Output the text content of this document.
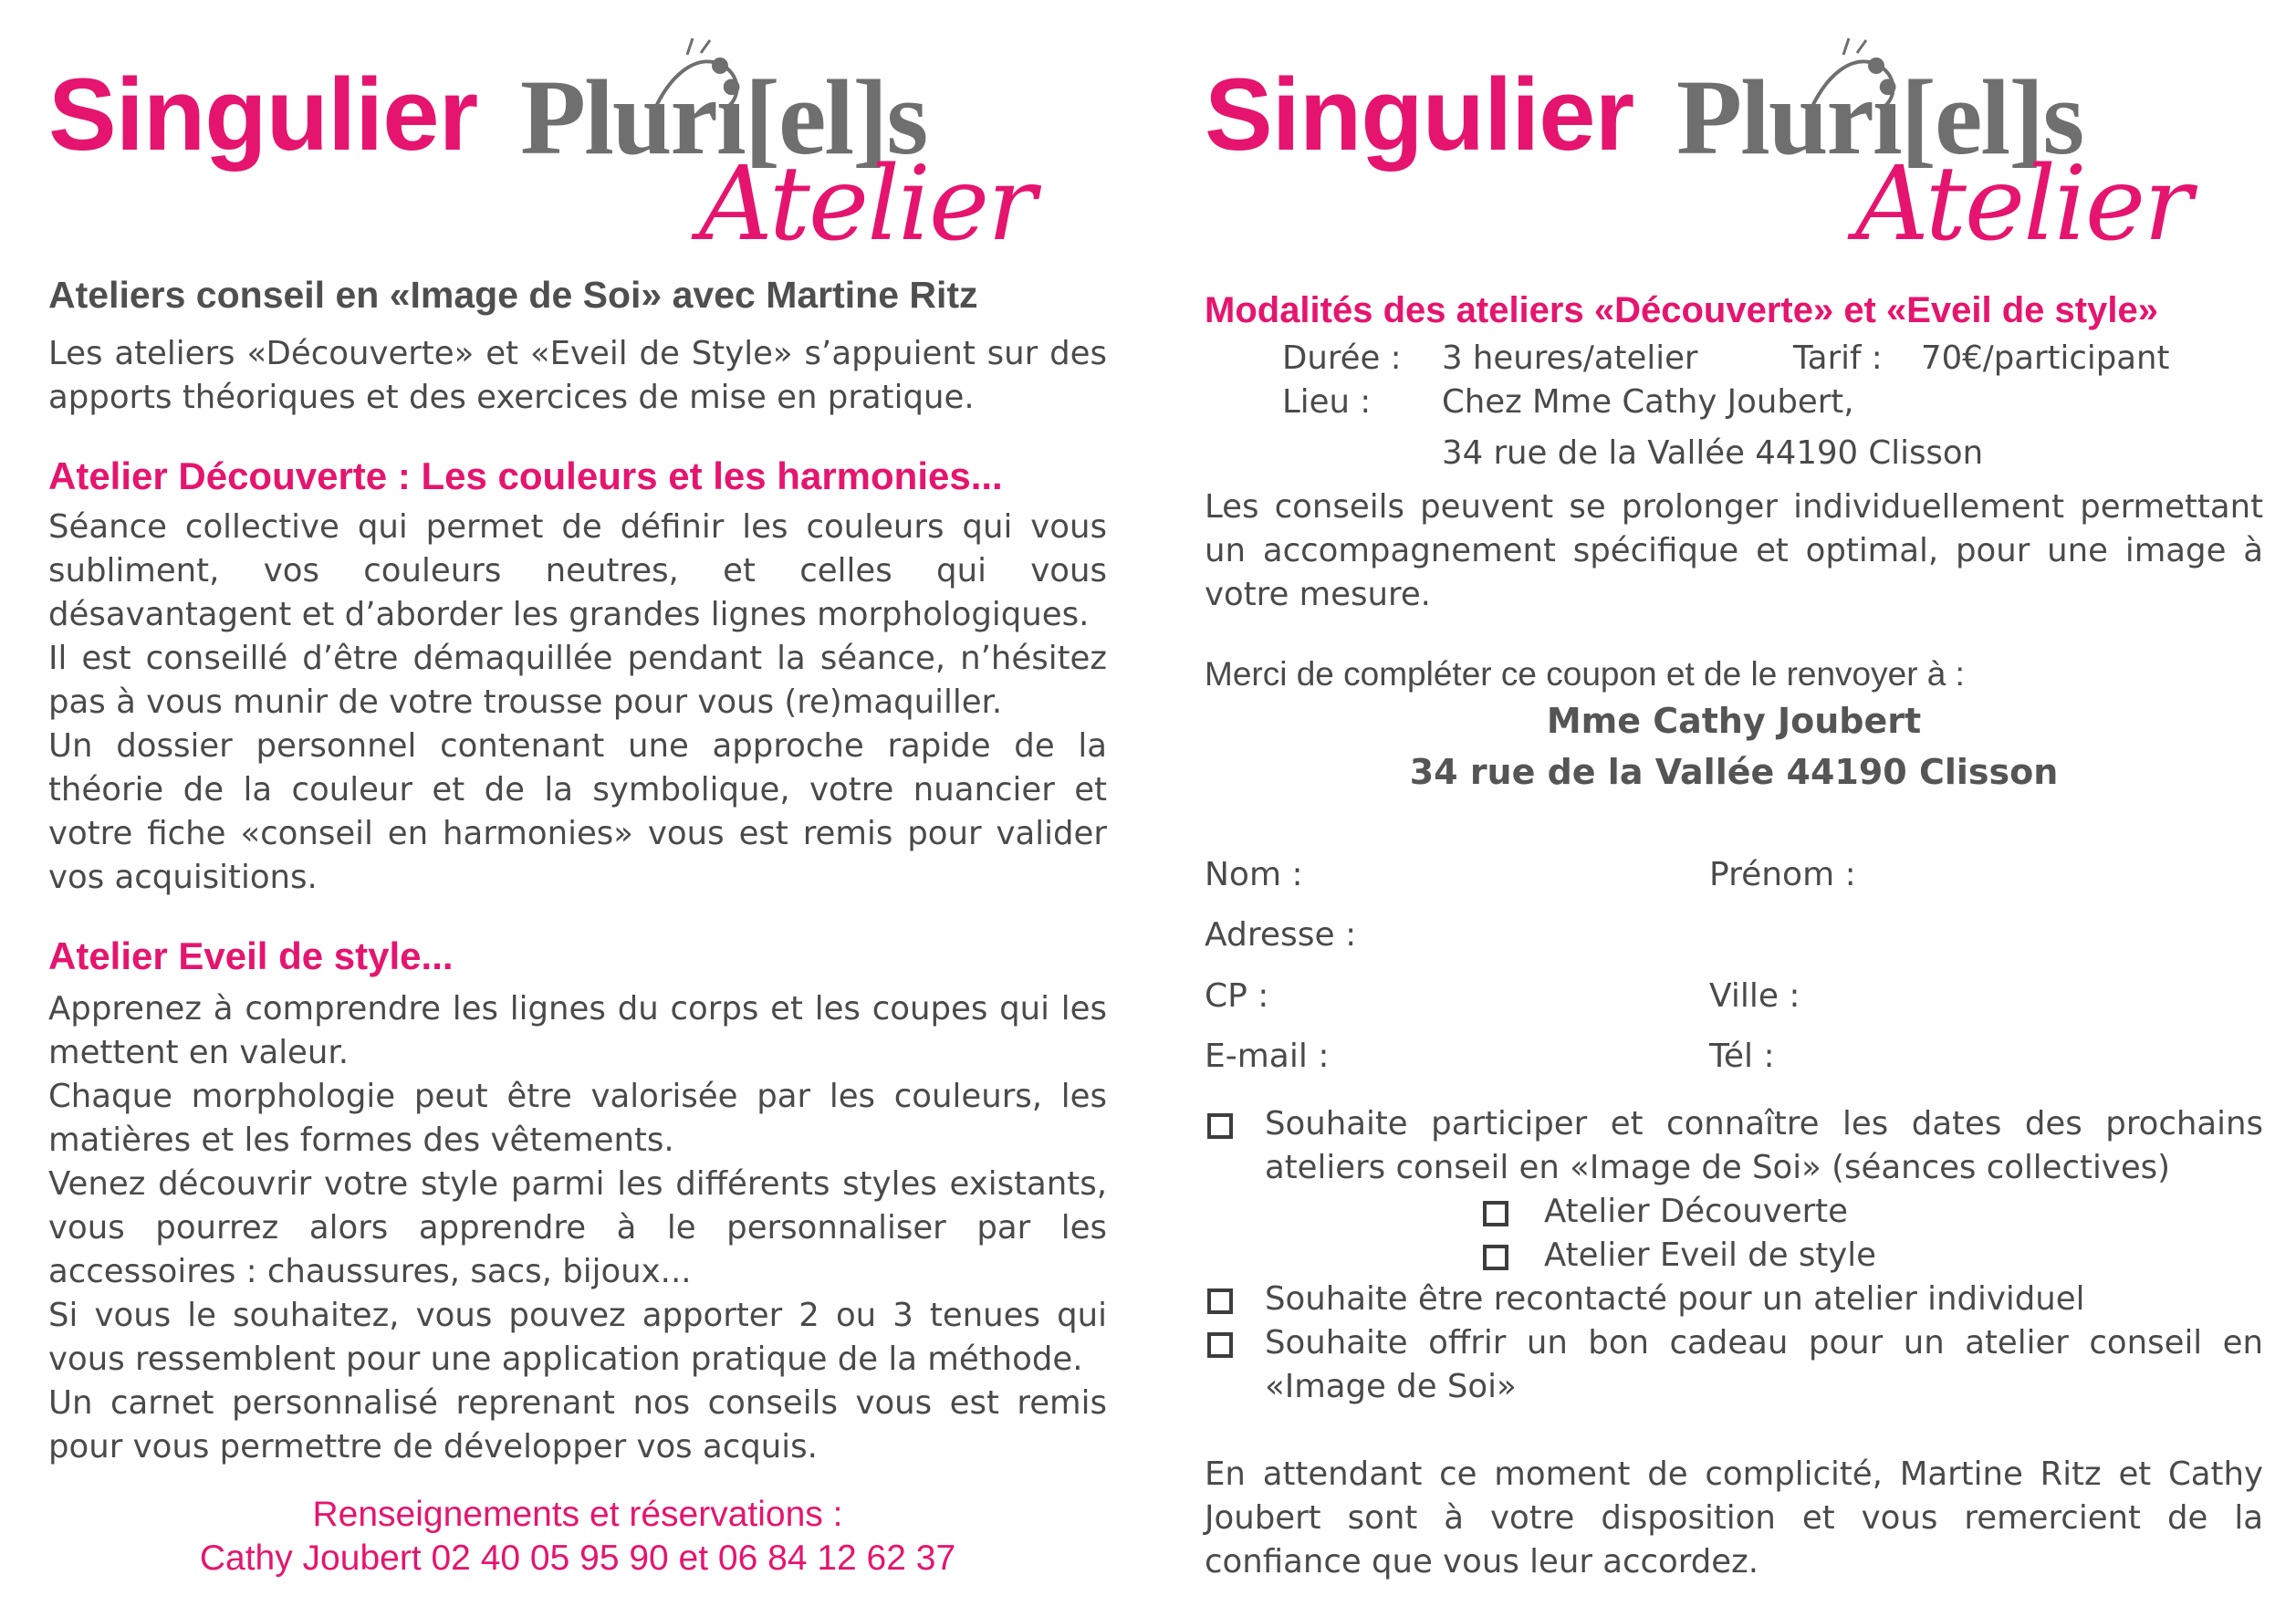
Singulier Pluri[el]s
Atelier
Ateliers conseil en «Image de Soi» avec Martine Ritz
Les ateliers «Découverte» et «Eveil de Style» s’appuient sur des apports théoriques et des exercices de mise en pratique.
Atelier Découverte : Les couleurs et les harmonies...

Séance collective qui permet de définir les couleurs qui vous subliment, vos couleurs neutres, et celles qui vous désavantagent et d’aborder les grandes lignes morphologiques.

Il est conseillé d’être démaquillée pendant la séance, n’hésitez pas à vous munir de votre trousse pour vous (re)maquiller.

Un dossier personnel contenant une approche rapide de la théorie de la couleur et de la symbolique, votre nuancier et votre fiche «conseil en harmonies» vous est remis pour valider vos acquisitions.

Atelier Eveil de style...

Apprenez à comprendre les lignes du corps et les coupes qui les mettent en valeur.

Chaque morphologie peut être valorisée par les couleurs, les matières et les formes des vêtements.

Venez découvrir votre style parmi les différents styles existants, vous pourrez alors apprendre à le personnaliser par les accessoires : chaussures, sacs, bijoux...

Si vous le souhaitez, vous pouvez apporter 2 ou 3 tenues qui vous ressemblent pour une application pratique de la méthode.

Un carnet personnalisé reprenant nos conseils vous est remis pour vous permettre de développer vos acquis.

Renseignements et réservations :
Cathy Joubert 02 40 05 95 90 et 06 84 12 62 37
Singulier Pluri[el]s
Atelier
Modalités des ateliers «Découverte» et «Eveil de style»
Durée : 3 heures/atelier	Tarif : 70€/participant
Lieu : Chez Mme Cathy Joubert,
34 rue de la Vallée 44190 Clisson
Les conseils peuvent se prolonger individuellement permettant un accompagnement spécifique et optimal, pour une image à votre mesure.
Merci de compléter ce coupon et de le renvoyer à :
Mme Cathy Joubert
34 rue de la Vallée 44190 Clisson
Nom :	Prénom :
Adresse :
CP :	Ville :
E-mail :	Tél :
Souhaite participer et connaître les dates des prochains ateliers conseil en «Image de Soi» (séances collectives)
Atelier Découverte
Atelier Eveil de style
Souhaite être recontacté pour un atelier individuel
Souhaite offrir un bon cadeau pour un atelier conseil en «Image de Soi»
En attendant ce moment de complicité, Martine Ritz et Cathy Joubert sont à votre disposition et vous remercient de la confiance que vous leur accordez.
